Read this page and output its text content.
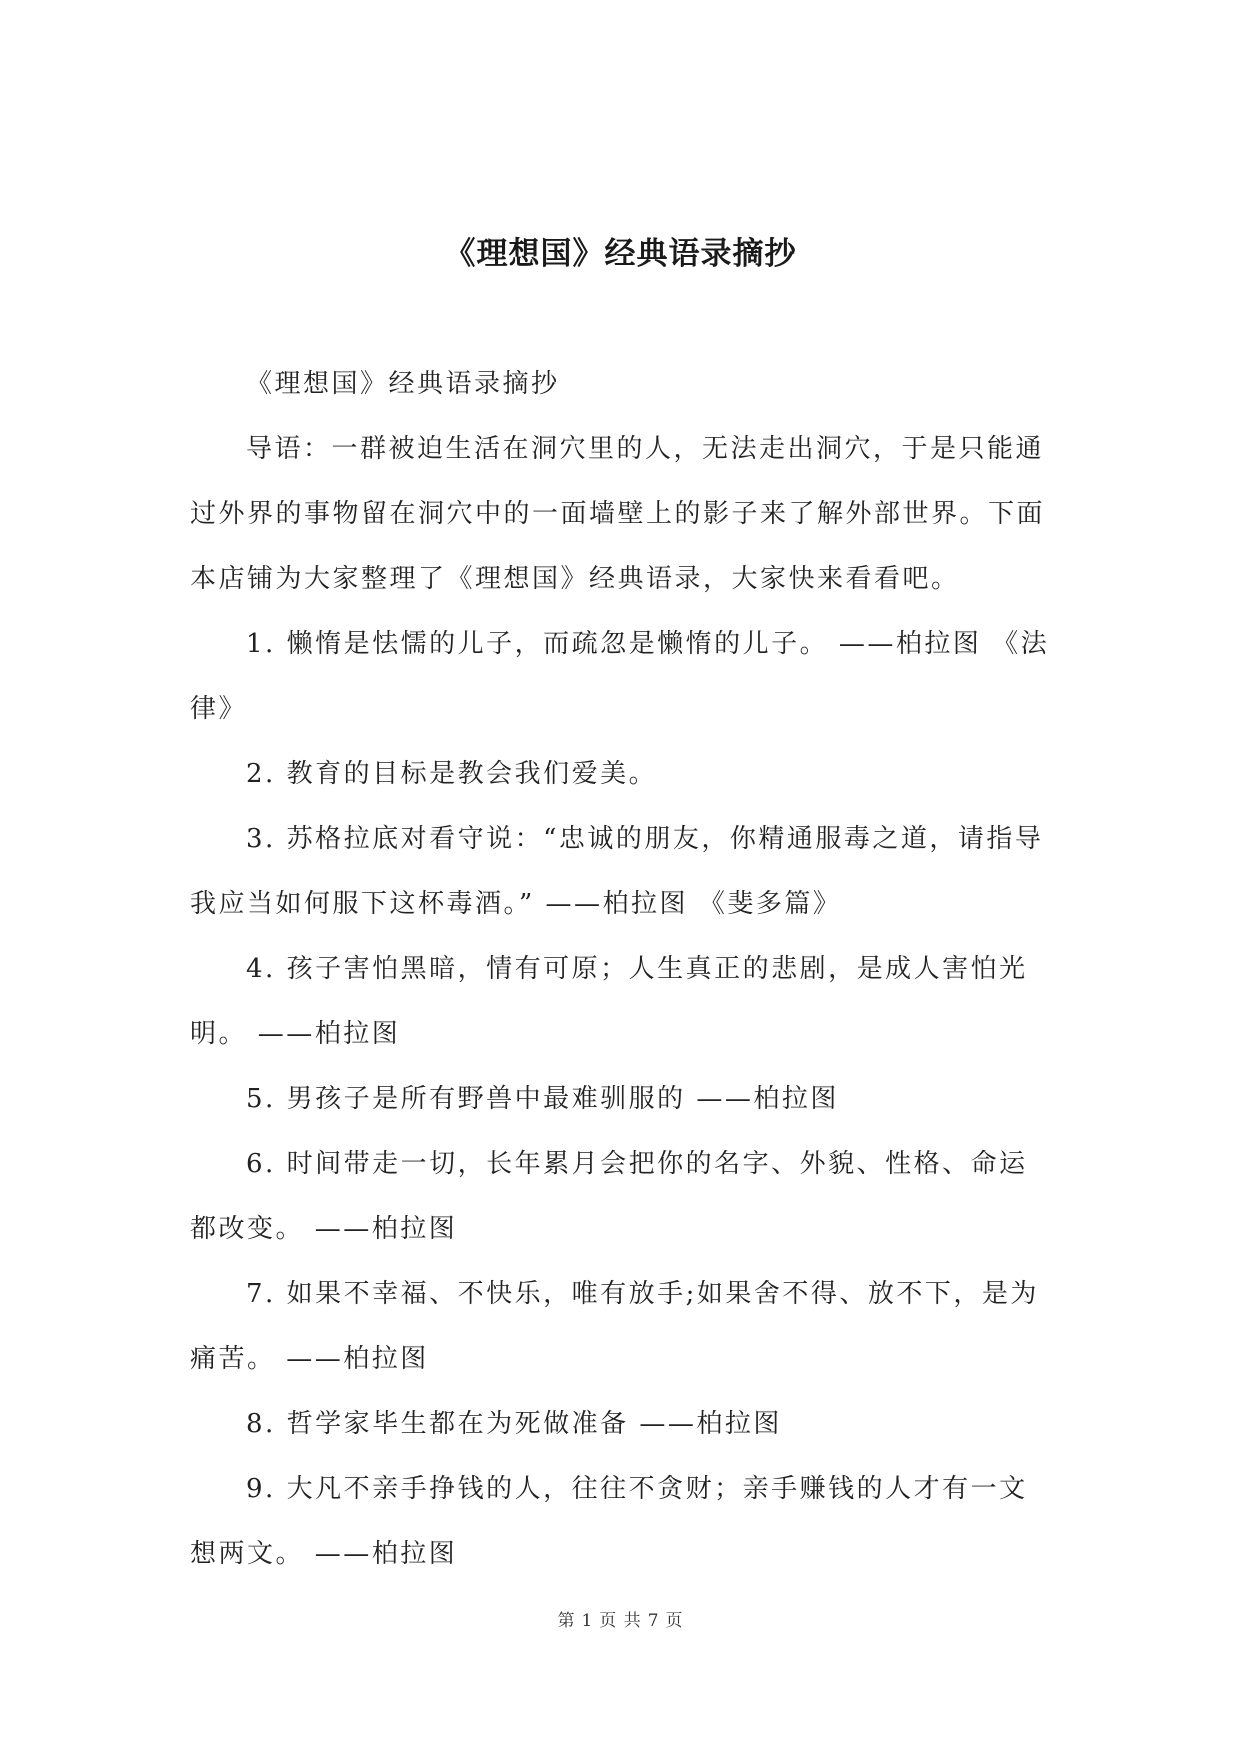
《理想国》经典语录摘抄

《理想国》经典语录摘抄

导语：一群被迫生活在洞穴里的人，无法走出洞穴，于是只能通过外界的事物留在洞穴中的一面墙壁上的影子来了解外部世界。下面本店铺为大家整理了《理想国》经典语录，大家快来看看吧。

1. 懒惰是怯懦的儿子，而疏忽是懒惰的儿子。 ——柏拉图 《法律》

2. 教育的目标是教会我们爱美。

3. 苏格拉底对看守说：“忠诚的朋友，你精通服毒之道，请指导我应当如何服下这杯毒酒。” ——柏拉图 《斐多篇》

4. 孩子害怕黑暗，情有可原；人生真正的悲剧，是成人害怕光明。 ——柏拉图

5. 男孩子是所有野兽中最难驯服的 ——柏拉图

6. 时间带走一切，长年累月会把你的名字、外貌、性格、命运都改变。 ——柏拉图

7. 如果不幸福、不快乐，唯有放手;如果舍不得、放不下，是为痛苦。 ——柏拉图

8. 哲学家毕生都在为死做准备 ——柏拉图

9. 大凡不亲手挣钱的人，往往不贪财；亲手赚钱的人才有一文想两文。 ——柏拉图

第 1 页 共 7 页
